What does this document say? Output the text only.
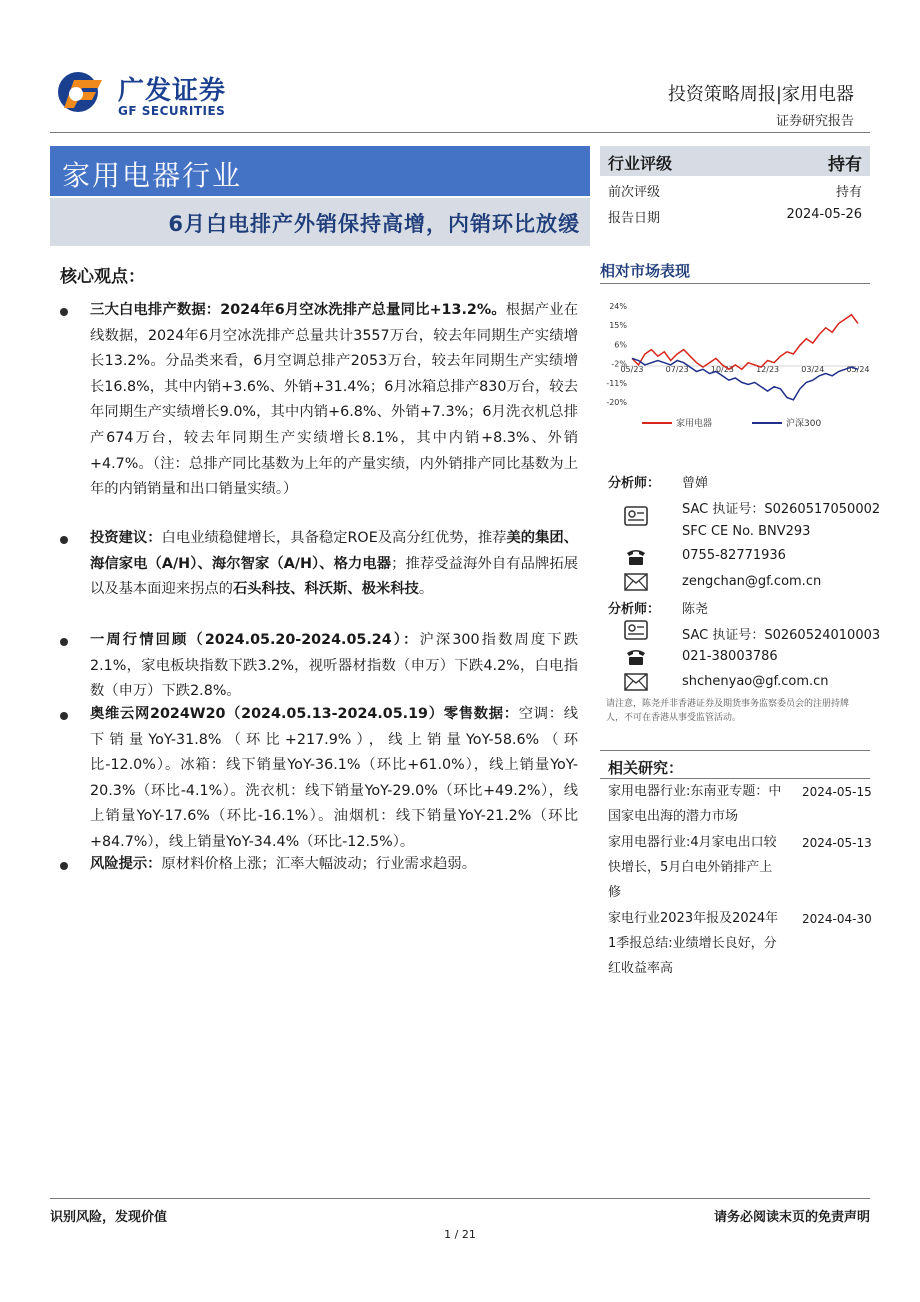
广发证券
GF SECURITIES
投资策略周报|家用电器
证券研究报告
家用电器行业
6月白电排产外销保持高增，内销环比放缓
行业评级	持有
前次评级	持有
报告日期	2024-05-26
核心观点：
三大白电排产数据：2024年6月空冰洗排产总量同比+13.2%。根据产业在线数据，2024年6月空冰洗排产总量共计3557万台，较去年同期生产实绩增长13.2%。分品类来看，6月空调总排产2053万台，较去年同期生产实绩增长16.8%，其中内销+3.6%、外销+31.4%；6月冰箱总排产830万台，较去年同期生产实绩增长9.0%，其中内销+6.8%、外销+7.3%；6月洗衣机总排产674万台，较去年同期生产实绩增长8.1%，其中内销+8.3%、外销+4.7%。（注：总排产同比基数为上年的产量实绩，内外销排产同比基数为上年的内销销量和出口销量实绩。）
投资建议：白电业绩稳健增长，具备稳定ROE及高分红优势，推荐美的集团、海信家电（A/H）、海尔智家（A/H）、格力电器；推荐受益海外自有品牌拓展以及基本面迎来拐点的石头科技、科沃斯、极米科技。
一周行情回顾（2024.05.20-2024.05.24）：沪深300指数周度下跌2.1%，家电板块指数下跌3.2%，视听器材指数（申万）下跌4.2%，白电指数（申万）下跌2.8%。
奥维云网2024W20（2024.05.13-2024.05.19）零售数据：空调：线下销量YoY-31.8%（环比+217.9%），线上销量YoY-58.6%（环比-12.0%）。冰箱：线下销量YoY-36.1%（环比+61.0%），线上销量YoY-20.3%（环比-4.1%）。洗衣机：线下销量YoY-29.0%（环比+49.2%），线上销量YoY-17.6%（环比-16.1%）。油烟机：线下销量YoY-21.2%（环比+84.7%），线上销量YoY-34.4%（环比-12.5%）。
风险提示：原材料价格上涨；汇率大幅波动；行业需求趋弱。
相对市场表现
24%
15%
6%
-2%
-11%
-20%
05/23	07/23	10/23	12/23	03/24	05/24
家用电器	沪深300
分析师： 曾婵
SAC 执证号：S0260517050002
SFC CE No. BNV293
0755-82771936
zengchan@gf.com.cn
分析师： 陈尧
SAC 执证号：S0260524010003
021-38003786
shchenyao@gf.com.cn
请注意，陈尧并非香港证券及期货事务监察委员会的注册持牌人，不可在香港从事受监管活动。
相关研究：
家用电器行业:东南亚专题：中国家电出海的潜力市场
2024-05-15
家用电器行业:4月家电出口较快增长，5月白电外销排产上修
2024-05-13
家电行业2023年报及2024年1季报总结:业绩增长良好，分红收益率高
2024-04-30
识别风险，发现价值	请务必阅读末页的免责声明
1 / 21
